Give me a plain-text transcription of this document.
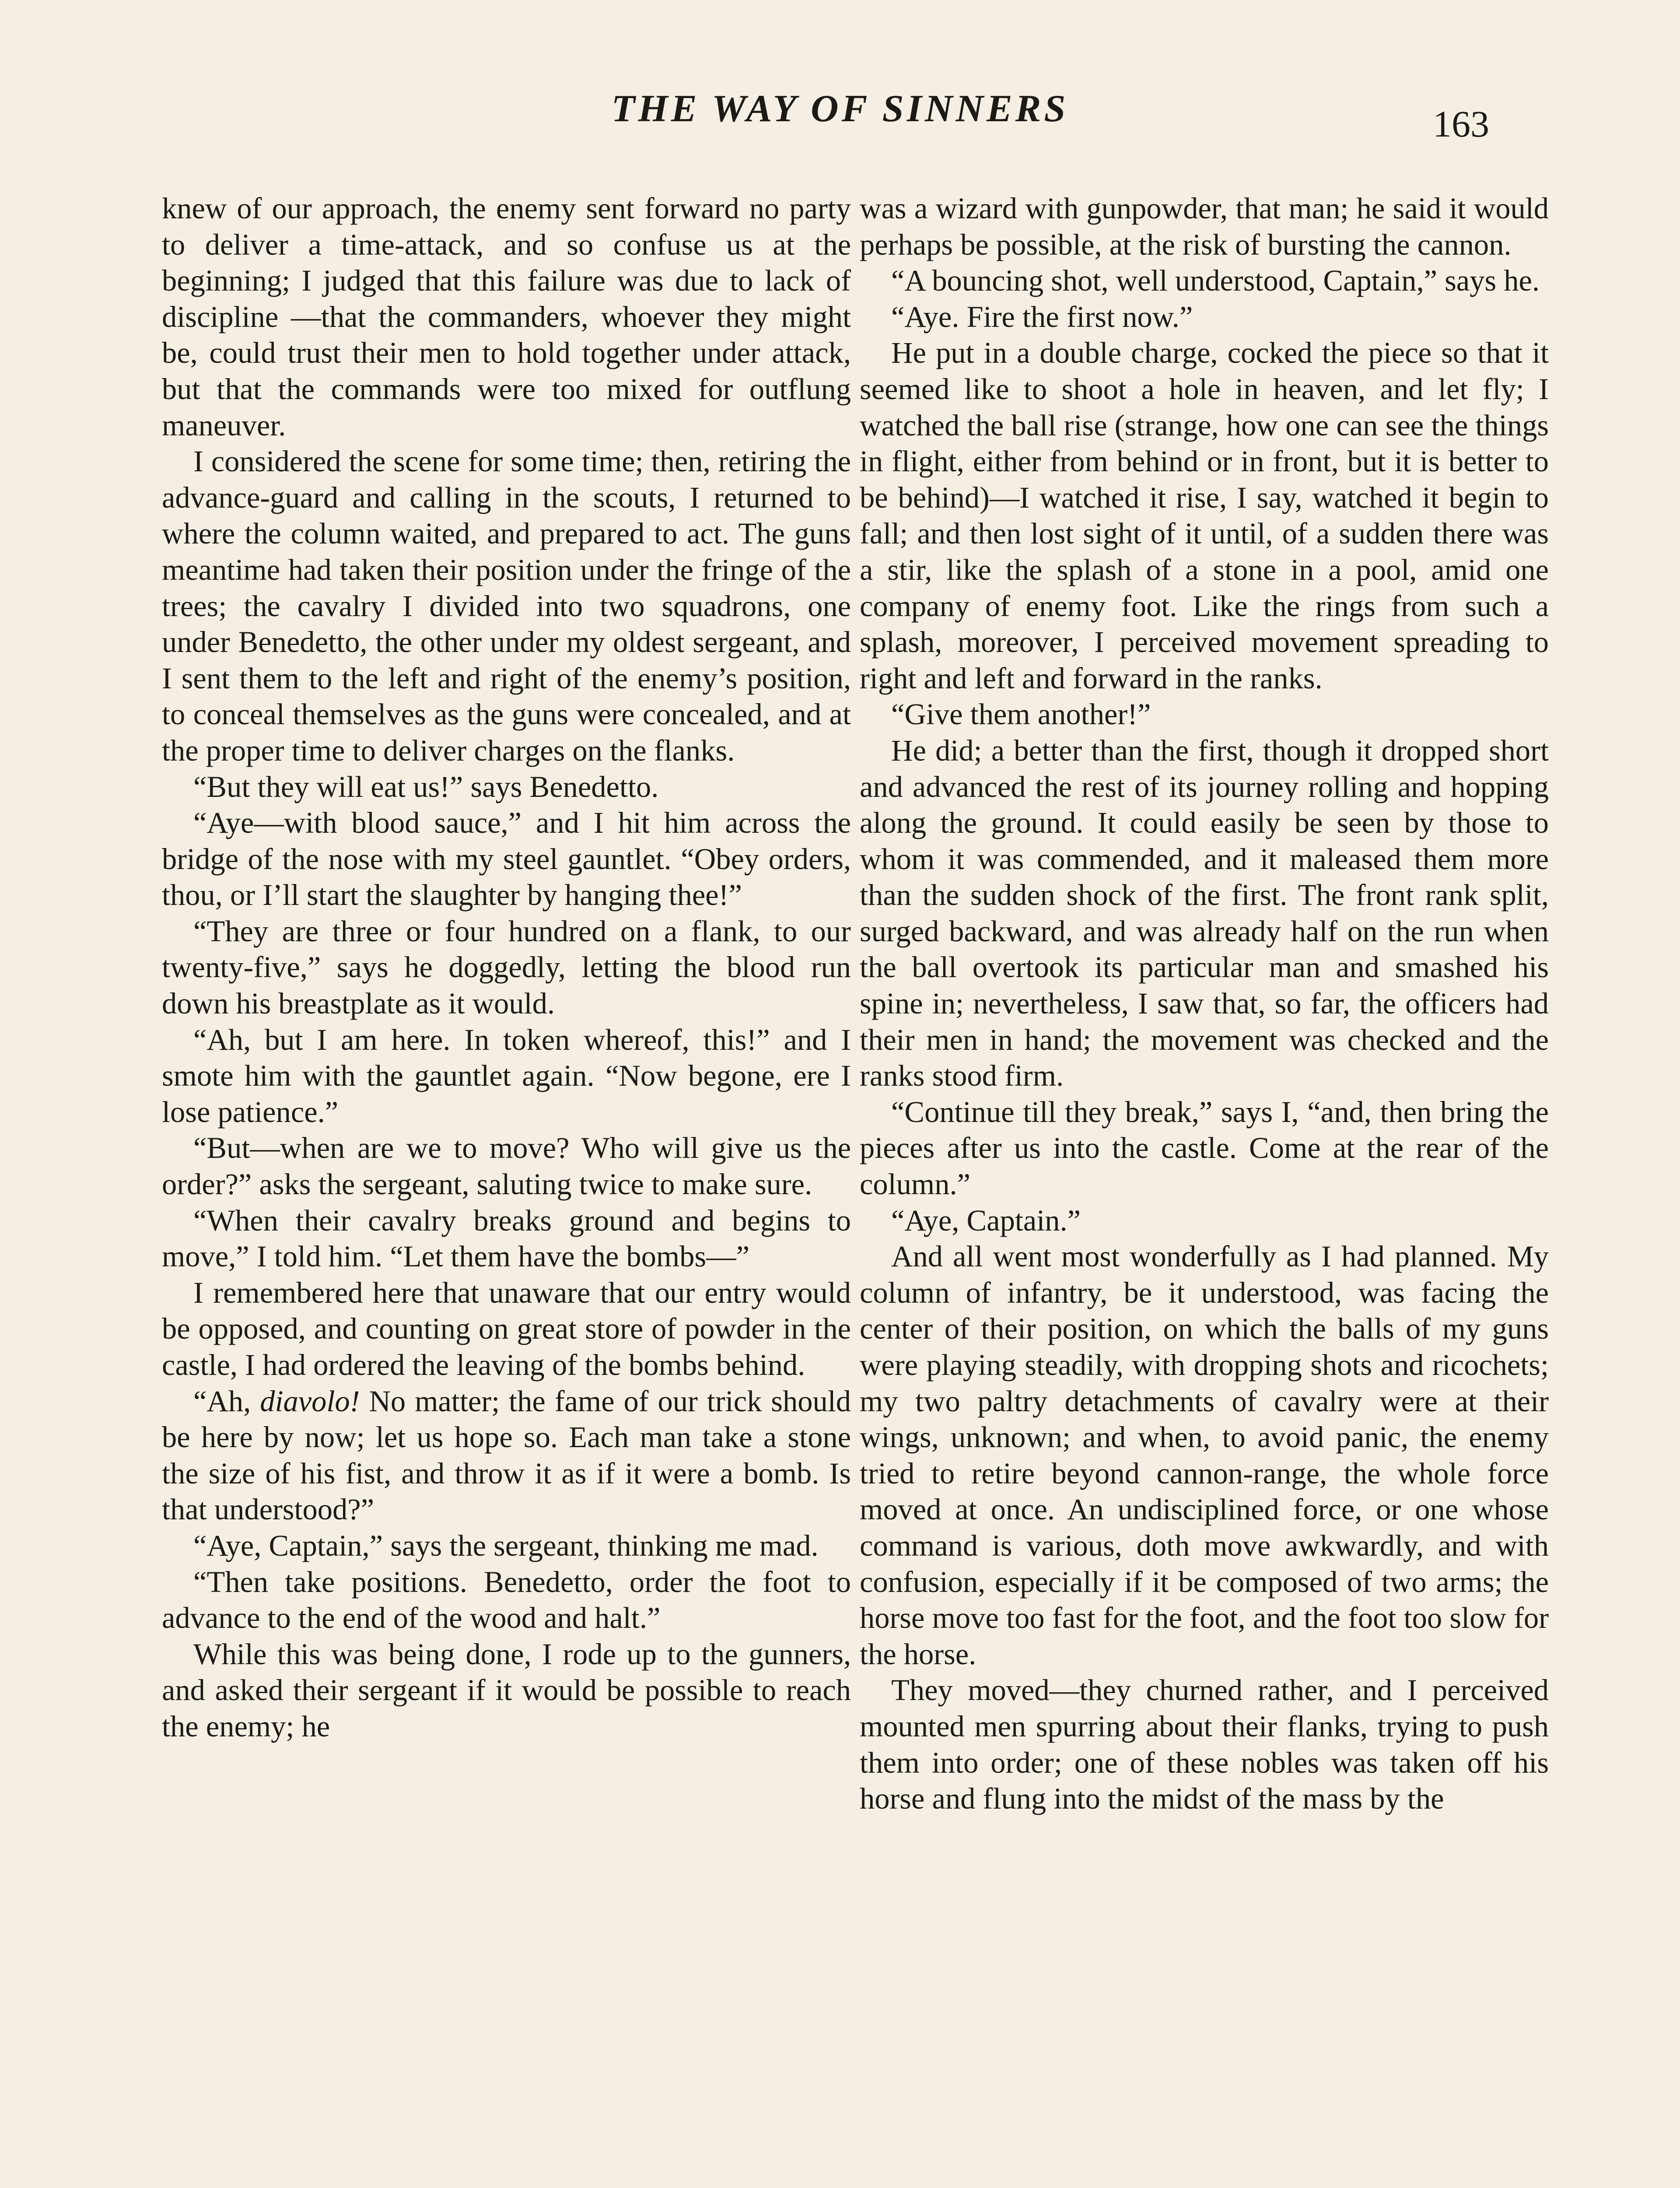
THE WAY OF SINNERS	163

knew of our approach, the enemy sent forward no party to deliver a time-attack, and so confuse us at the beginning; I judged that this failure was due to lack of discipline —that the commanders, whoever they might be, could trust their men to hold together under attack, but that the commands were too mixed for outflung maneuver.

I considered the scene for some time; then, retiring the advance-guard and calling in the scouts, I returned to where the column waited, and prepared to act. The guns meantime had taken their position under the fringe of the trees; the cavalry I divided into two squadrons, one under Benedetto, the other under my oldest sergeant, and I sent them to the left and right of the enemy’s position, to conceal themselves as the guns were concealed, and at the proper time to deliver charges on the flanks.

“But they will eat us!” says Benedetto.

“Aye—with blood sauce,” and I hit him across the bridge of the nose with my steel gauntlet. “Obey orders, thou, or I’ll start the slaughter by hanging thee!”

“They are three or four hundred on a flank, to our twenty-five,” says he doggedly, letting the blood run down his breastplate as it would.

“Ah, but I am here. In token whereof, this!” and I smote him with the gauntlet again. “Now begone, ere I lose patience.”

“But—when are we to move? Who will give us the order?” asks the sergeant, saluting twice to make sure.

“When their cavalry breaks ground and begins to move,” I told him. “Let them have the bombs—”

I remembered here that unaware that our entry would be opposed, and counting on great store of powder in the castle, I had ordered the leaving of the bombs behind.

“Ah, diavolo! No matter; the fame of our trick should be here by now; let us hope so. Each man take a stone the size of his fist, and throw it as if it were a bomb. Is that understood?”

“Aye, Captain,” says the sergeant, thinking me mad.

“Then take positions. Benedetto, order the foot to advance to the end of the wood and halt.”

While this was being done, I rode up to the gunners, and asked their sergeant if it would be possible to reach the enemy; he

was a wizard with gunpowder, that man; he said it would perhaps be possible, at the risk of bursting the cannon.

“A bouncing shot, well understood, Captain,” says he.

“Aye. Fire the first now.”

He put in a double charge, cocked the piece so that it seemed like to shoot a hole in heaven, and let fly; I watched the ball rise (strange, how one can see the things in flight, either from behind or in front, but it is better to be behind)—I watched it rise, I say, watched it begin to fall; and then lost sight of it until, of a sudden there was a stir, like the splash of a stone in a pool, amid one company of enemy foot. Like the rings from such a splash, moreover, I perceived movement spreading to right and left and forward in the ranks.

“Give them another!”

He did; a better than the first, though it dropped short and advanced the rest of its journey rolling and hopping along the ground. It could easily be seen by those to whom it was commended, and it maleased them more than the sudden shock of the first. The front rank split, surged backward, and was already half on the run when the ball overtook its particular man and smashed his spine in; nevertheless, I saw that, so far, the officers had their men in hand; the movement was checked and the ranks stood firm.

“Continue till they break,” says I, “and, then bring the pieces after us into the castle. Come at the rear of the column.”

“Aye, Captain.”

And all went most wonderfully as I had planned. My column of infantry, be it understood, was facing the center of their position, on which the balls of my guns were playing steadily, with dropping shots and ricochets; my two paltry detachments of cavalry were at their wings, unknown; and when, to avoid panic, the enemy tried to retire beyond cannon-range, the whole force moved at once. An undisciplined force, or one whose command is various, doth move awkwardly, and with confusion, especially if it be composed of two arms; the horse move too fast for the foot, and the foot too slow for the horse.

They moved—they churned rather, and I perceived mounted men spurring about their flanks, trying to push them into order; one of these nobles was taken off his horse and flung into the midst of the mass by the
